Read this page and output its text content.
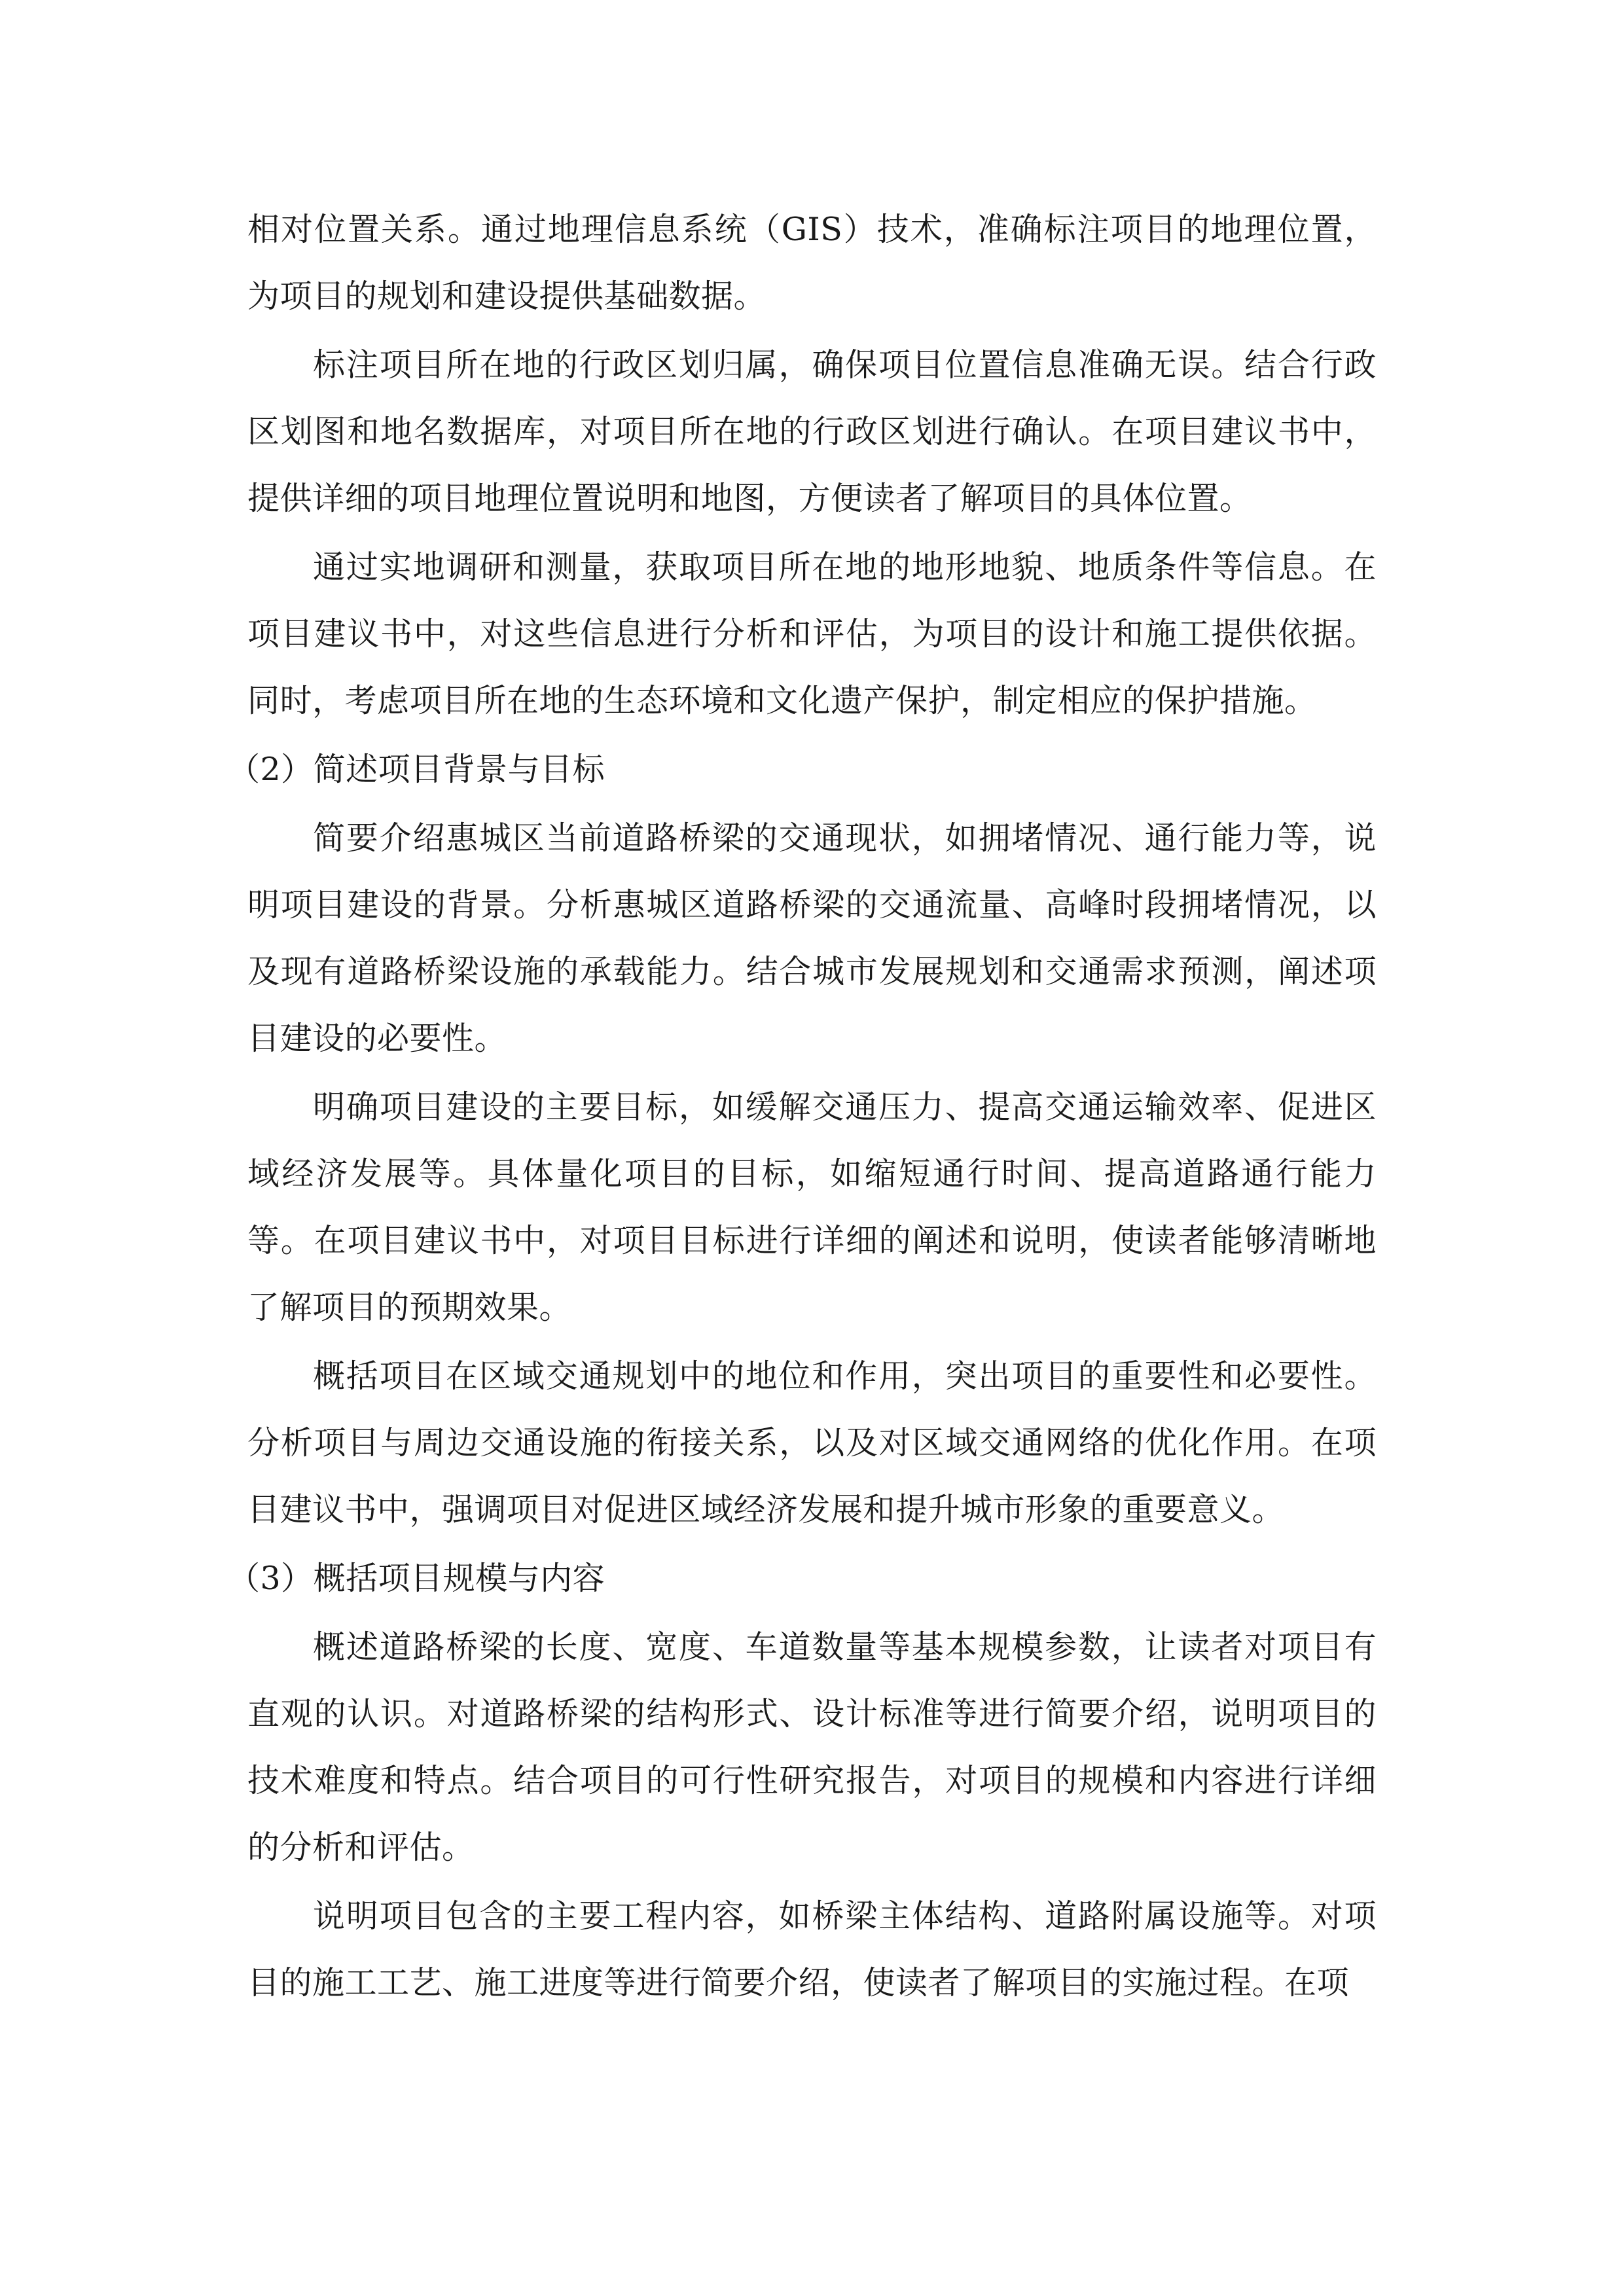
相对位置关系。通过地理信息系统（GIS）技术，准确标注项目的地理位置，为项目的规划和建设提供基础数据。

标注项目所在地的行政区划归属，确保项目位置信息准确无误。结合行政区划图和地名数据库，对项目所在地的行政区划进行确认。在项目建议书中，提供详细的项目地理位置说明和地图，方便读者了解项目的具体位置。

通过实地调研和测量，获取项目所在地的地形地貌、地质条件等信息。在项目建议书中，对这些信息进行分析和评估，为项目的设计和施工提供依据。同时，考虑项目所在地的生态环境和文化遗产保护，制定相应的保护措施。

（2）简述项目背景与目标

简要介绍惠城区当前道路桥梁的交通现状，如拥堵情况、通行能力等，说明项目建设的背景。分析惠城区道路桥梁的交通流量、高峰时段拥堵情况，以及现有道路桥梁设施的承载能力。结合城市发展规划和交通需求预测，阐述项目建设的必要性。

明确项目建设的主要目标，如缓解交通压力、提高交通运输效率、促进区域经济发展等。具体量化项目的目标，如缩短通行时间、提高道路通行能力等。在项目建议书中，对项目目标进行详细的阐述和说明，使读者能够清晰地了解项目的预期效果。

概括项目在区域交通规划中的地位和作用，突出项目的重要性和必要性。分析项目与周边交通设施的衔接关系，以及对区域交通网络的优化作用。在项目建议书中，强调项目对促进区域经济发展和提升城市形象的重要意义。

（3）概括项目规模与内容

概述道路桥梁的长度、宽度、车道数量等基本规模参数，让读者对项目有直观的认识。对道路桥梁的结构形式、设计标准等进行简要介绍，说明项目的技术难度和特点。结合项目的可行性研究报告，对项目的规模和内容进行详细的分析和评估。

说明项目包含的主要工程内容，如桥梁主体结构、道路附属设施等。对项目的施工工艺、施工进度等进行简要介绍，使读者了解项目的实施过程。在项
